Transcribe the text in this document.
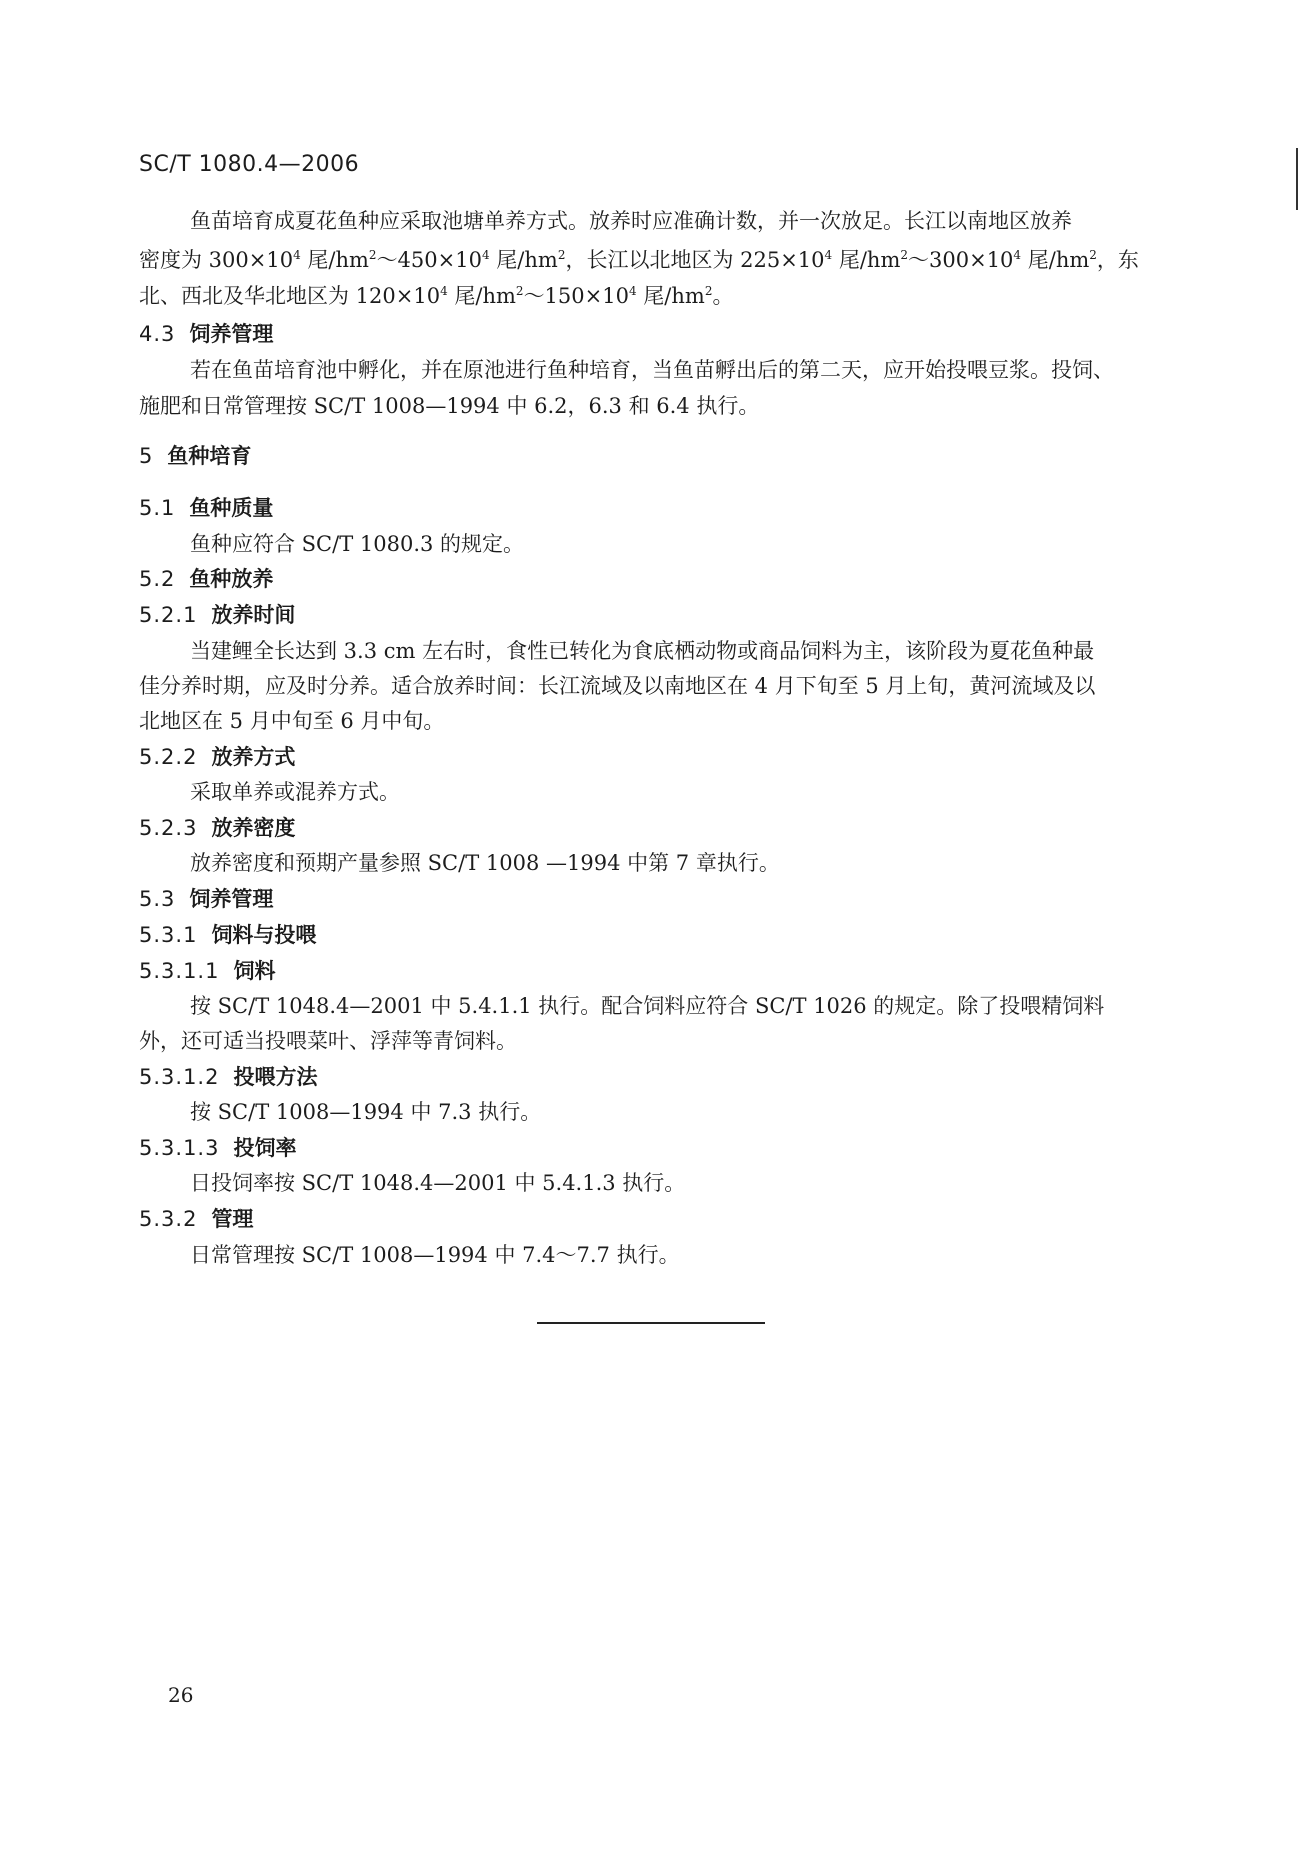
SC/T 1080.4—2006
鱼苗培育成夏花鱼种应采取池塘单养方式。放养时应准确计数，并一次放足。长江以南地区放养
密度为 $300\times 10^4$ 尾$/hm^2\sim 450\times 10^4$ 尾$/hm^2$，长江以北地区为 $225\times 10^4$ 尾$/hm^2\sim 300\times 10^4$ 尾$/hm^2$，东
北、西北及华北地区为 $120\times 10^4$ 尾$/hm^2\sim 150\times 10^4$ 尾$/hm^2$。
4.3 饲养管理
若在鱼苗培育池中孵化，并在原池进行鱼种培育，当鱼苗孵出后的第二天，应开始投喂豆浆。投饲、
施肥和日常管理按 SC/T 1008—1994 中 6.2，6.3 和 6.4 执行。
5 鱼种培育
5.1 鱼种质量
鱼种应符合 SC/T 1080.3 的规定。
5.2 鱼种放养
5.2.1 放养时间
当建鲤全长达到 3.3 cm 左右时，食性已转化为食底栖动物或商品饲料为主，该阶段为夏花鱼种最
佳分养时期，应及时分养。适合放养时间：长江流域及以南地区在 4 月下旬至 5 月上旬，黄河流域及以
北地区在 5 月中旬至 6 月中旬。
5.2.2 放养方式
采取单养或混养方式。
5.2.3 放养密度
放养密度和预期产量参照 SC/T 1008 —1994 中第 7 章执行。
5.3 饲养管理
5.3.1 饲料与投喂
5.3.1.1 饲料
按 SC/T 1048.4—2001 中 5.4.1.1 执行。配合饲料应符合 SC/T 1026 的规定。除了投喂精饲料
外，还可适当投喂菜叶、浮萍等青饲料。
5.3.1.2 投喂方法
按 SC/T 1008—1994 中 7.3 执行。
5.3.1.3 投饲率
日投饲率按 SC/T 1048.4—2001 中 5.4.1.3 执行。
5.3.2 管理
日常管理按 SC/T 1008—1994 中 7.4～7.7 执行。
26
